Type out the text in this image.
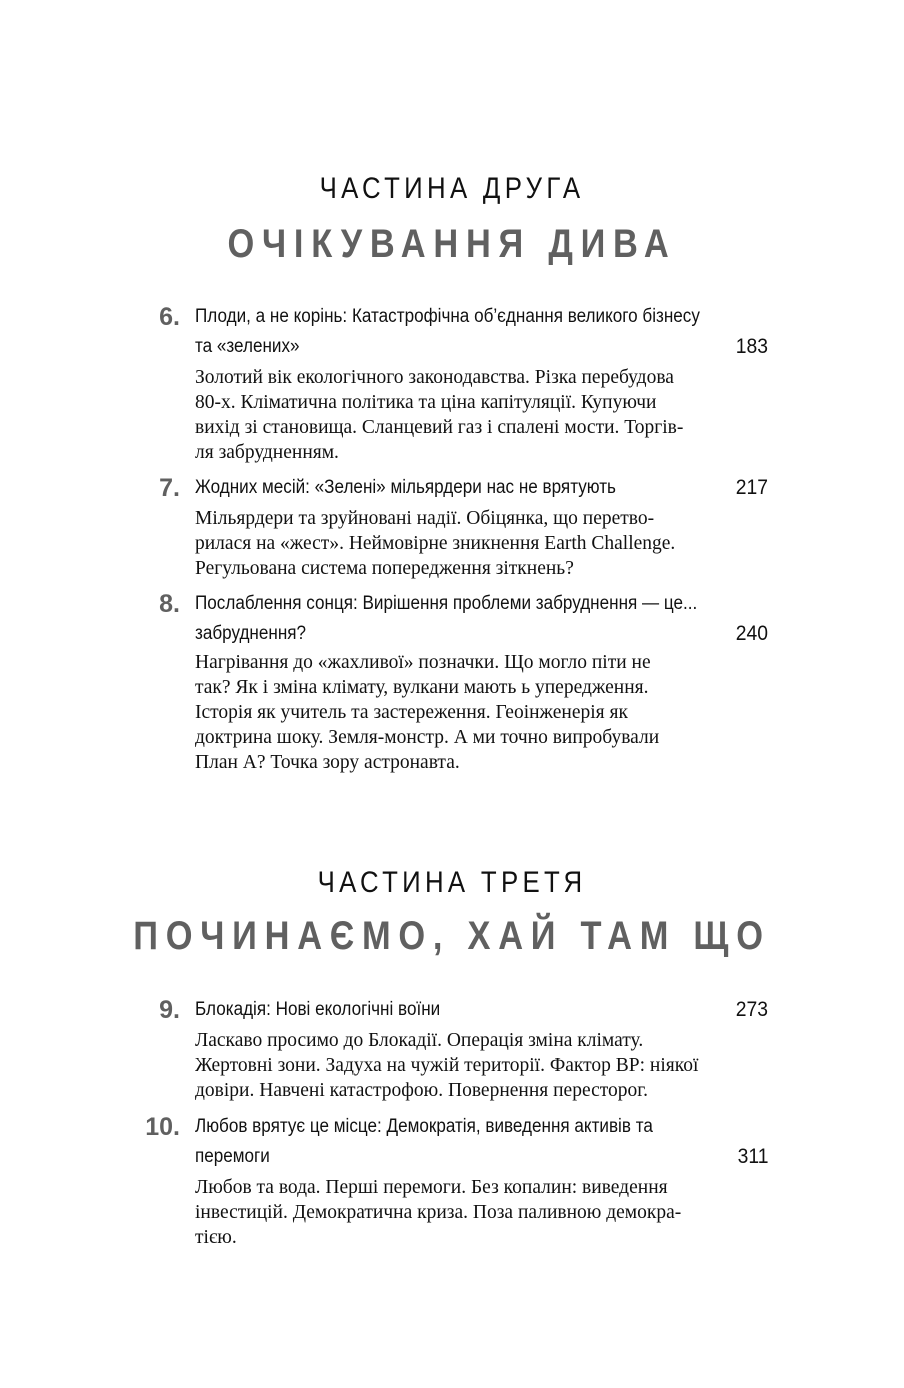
ЧАСТИНА ДРУГА
ОЧІКУВАННЯ ДИВА
6. Плоди, а не корінь: Катастрофічна об’єднання великого бізнесу
та «зелених»	183
Золотий вік екологічного законодавства. Різка перебудова
80-х. Кліматична політика та ціна капітуляції. Купуючи
вихід зі становища. Сланцевий газ і спалені мости. Торгів-
ля забрудненням.
7. Жодних месій: «Зелені» мільярдери нас не врятують	217
Мільярдери та зруйновані надії. Обіцянка, що перетво-
рилася на «жест». Неймовірне зникнення Earth Challenge.
Регульована система попередження зіткнень?
8. Послаблення сонця: Вирішення проблеми забруднення — це...
забруднення?	240
Нагрівання до «жахливої» позначки. Що могло піти не
так? Як і зміна клімату, вулкани мають ь упередження.
Історія як учитель та застереження. Геоінженерія як
доктрина шоку. Земля-монстр. А ми точно випробували
План А? Точка зору астронавта.
ЧАСТИНА ТРЕТЯ
ПОЧИНАЄМО, ХАЙ ТАМ ЩО
9. Блокадія: Нові екологічні воїни	273
Ласкаво просимо до Блокадії. Операція зміна клімату.
Жертовні зони. Задуха на чужій території. Фактор BP: ніякої
довіри. Навчені катастрофою. Повернення пересторог.
10. Любов врятує це місце: Демократія, виведення активів та
перемоги	311
Любов та вода. Перші перемоги. Без копалин: виведення
інвестицій. Демократична криза. Поза паливною демокра-
тією.
